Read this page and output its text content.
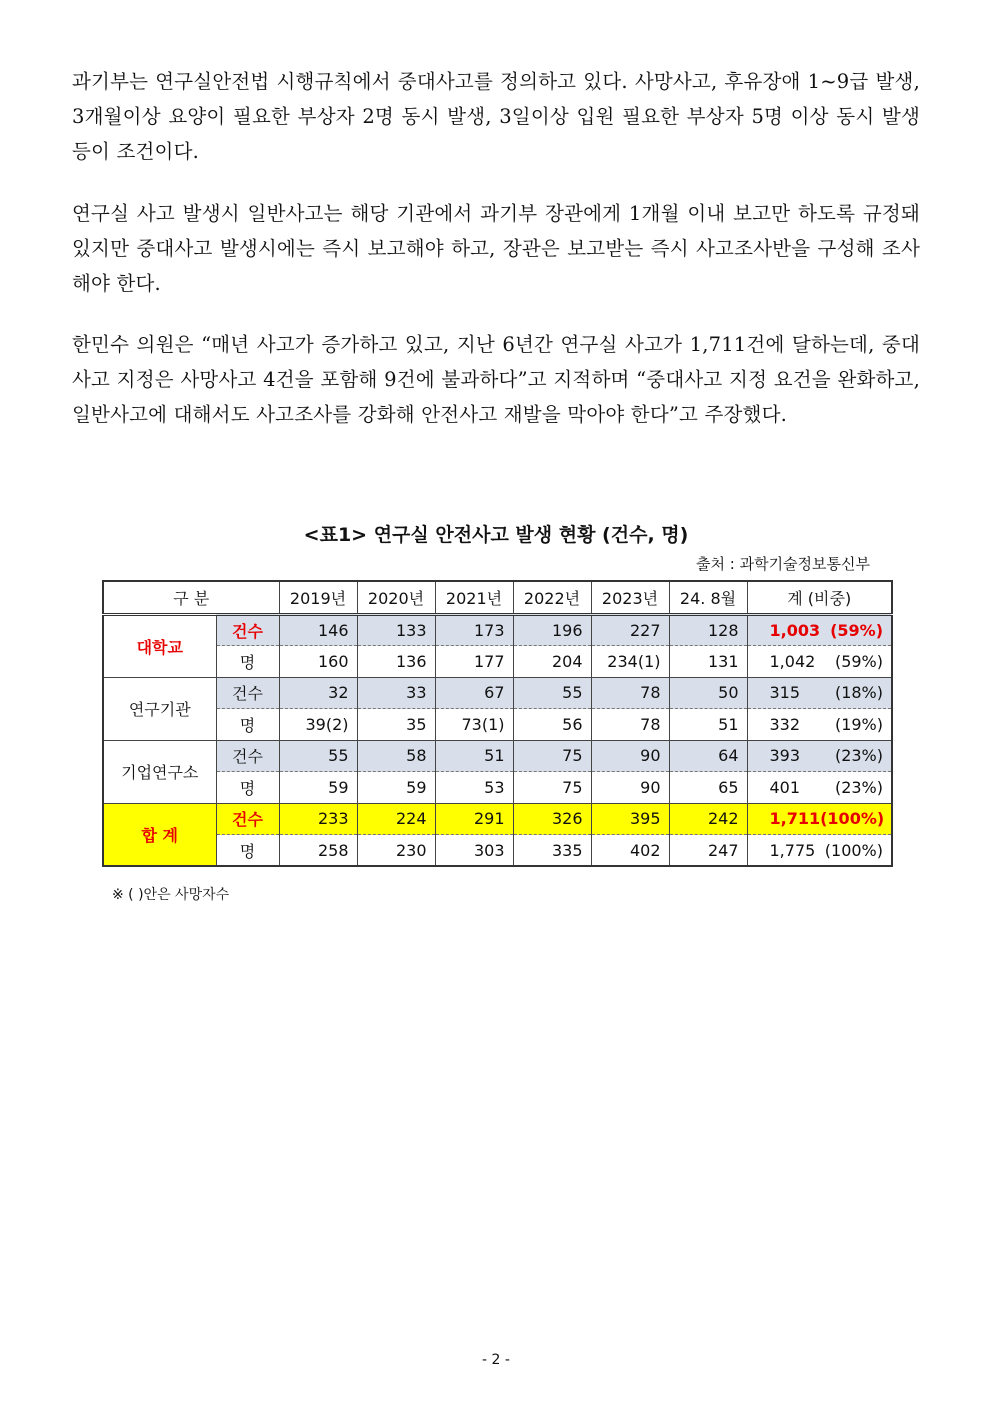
과기부는 연구실안전법 시행규칙에서 중대사고를 정의하고 있다. 사망사고, 후유장애 1~9급 발생, 3개월이상 요양이 필요한 부상자 2명 동시 발생, 3일이상 입원 필요한 부상자 5명 이상 동시 발생 등이 조건이다.

연구실 사고 발생시 일반사고는 해당 기관에서 과기부 장관에게 1개월 이내 보고만 하도록 규정돼 있지만 중대사고 발생시에는 즉시 보고해야 하고, 장관은 보고받는 즉시 사고조사반을 구성해 조사해야 한다.

한민수 의원은 “매년 사고가 증가하고 있고, 지난 6년간 연구실 사고가 1,711건에 달하는데, 중대사고 지정은 사망사고 4건을 포함해 9건에 불과하다”고 지적하며 “중대사고 지정 요건을 완화하고, 일반사고에 대해서도 사고조사를 강화해 안전사고 재발을 막아야 한다”고 주장했다.

<표1> 연구실 안전사고 발생 현황 (건수, 명)
출처 : 과학기술정보통신부
구 분		2019년	2020년	2021년	2022년	2023년	24. 8월	계 (비중)
대학교	건수	146	133	173	196	227	128	1,003 (59%)

	명	160	136	177	204	234(1)	131	1,042 (59%)

연구기관	건수	32	33	67	55	78	50	315 (18%)

	명	39(2)	35	73(1)	56	78	51	332 (19%)

기업연구소	건수	55	58	51	75	90	64	393 (23%)

	명	59	59	53	75	90	65	401 (23%)

합 계	건수	233	224	291	326	395	242	1,711 (100%)

	명	258	230	303	335	402	247	1,775 (100%)
※ ( )안은 사망자수
- 2 -
